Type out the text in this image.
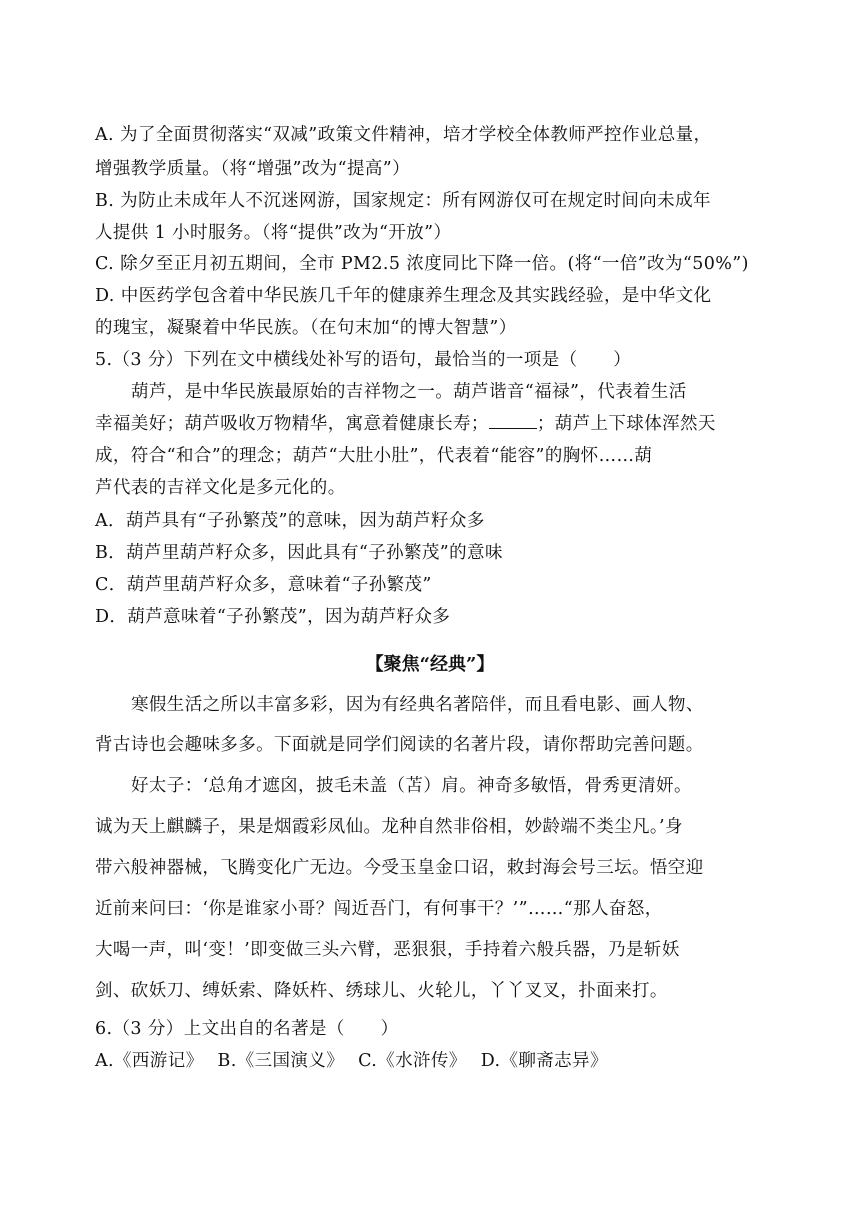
A. 为了全面贯彻落实“双减”政策文件精神，培才学校全体教师严控作业总量，
增强教学质量。（将“增强”改为“提高”）
B. 为防止未成年人不沉迷网游，国家规定：所有网游仅可在规定时间向未成年
人提供 1 小时服务。（将“提供”改为“开放”）
C. 除夕至正月初五期间，全市 PM2.5 浓度同比下降一倍。(将“一倍”改为“50%”)
D. 中医药学包含着中华民族几千年的健康养生理念及其实践经验，是中华文化
的瑰宝，凝聚着中华民族。（在句末加“的博大智慧”）
5.（3 分）下列在文中横线处补写的语句，最恰当的一项是（　　）
葫芦，是中华民族最原始的吉祥物之一。葫芦谐音“福禄”，代表着生活
幸福美好；葫芦吸收万物精华，寓意着健康长寿；	；葫芦上下球体浑然天
成，符合“和合”的理念；葫芦“大肚小肚”，代表着“能容”的胸怀……葫
芦代表的吉祥文化是多元化的。
A．葫芦具有“子孙繁茂”的意味，因为葫芦籽众多
B．葫芦里葫芦籽众多，因此具有“子孙繁茂”的意味
C．葫芦里葫芦籽众多，意味着“子孙繁茂”
D．葫芦意味着“子孙繁茂”，因为葫芦籽众多
【聚焦“经典”】
寒假生活之所以丰富多彩，因为有经典名著陪伴，而且看电影、画人物、
背古诗也会趣味多多。下面就是同学们阅读的名著片段，请你帮助完善问题。
好太子：‘总角才遮囟，披毛未盖（苫）肩。神奇多敏悟，骨秀更清妍。
诚为天上麒麟子，果是烟霞彩凤仙。龙种自然非俗相，妙龄端不类尘凡。’身
带六般神器械，飞腾变化广无边。今受玉皇金口诏，敕封海会号三坛。悟空迎
近前来问曰：‘你是谁家小哥？闯近吾门，有何事干？’”……“那人奋怒，
大喝一声，叫‘变！’即变做三头六臂，恶狠狠，手持着六般兵器，乃是斩妖
剑、砍妖刀、缚妖索、降妖杵、绣球儿、火轮儿，丫丫叉叉，扑面来打。
6.（3 分）上文出自的名著是（　　）
A.《西游记》 B.《三国演义》 C.《水浒传》 D.《聊斋志异》
